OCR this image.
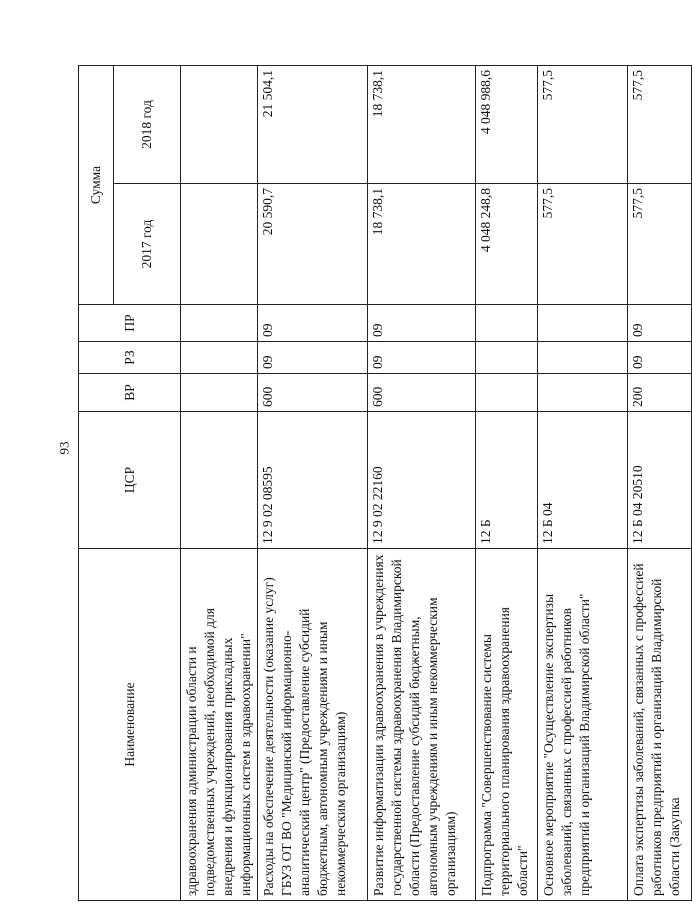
93
Наименование	ЦСР	ВР	РЗ	ПР	Сумма	
					2017 год	2018 год
здравоохранения администрации области и подведомственных учреждений, необходимой для внедрения и функционирования прикладных информационных систем в здравоохранении"						
Расходы на обеспечение деятельности (оказание услуг) ГБУЗ ОТ ВО "Медицинский информационно-аналитический центр" (Предоставление субсидий бюджетным, автономным учреждениям и иным некоммерческим организациям)	12 9 02 08595	600	09	09	20 590,7	21 504,1
Развитие информатизации здравоохранения в учреждениях государственной системы здравоохранения Владимирской области (Предоставление субсидий бюджетным, автономным учреждениям и иным некоммерческим организациям)	12 9 02 22160	600	09	09	18 738,1	18 738,1
Подпрограмма "Совершенствование системы территориального планирования здравоохранения области"	12 Б				4 048 248,8	4 048 988,6
Основное мероприятие "Осуществление экспертизы заболеваний, связанных с профессией работников предприятий и организаций Владимирской области"	12 Б 04				577,5	577,5
Оплата экспертизы заболеваний, связанных с профессией работников предприятий и организаций Владимирской области (Закупка	12 Б 04 20510	200	09	09	577,5	577,5
